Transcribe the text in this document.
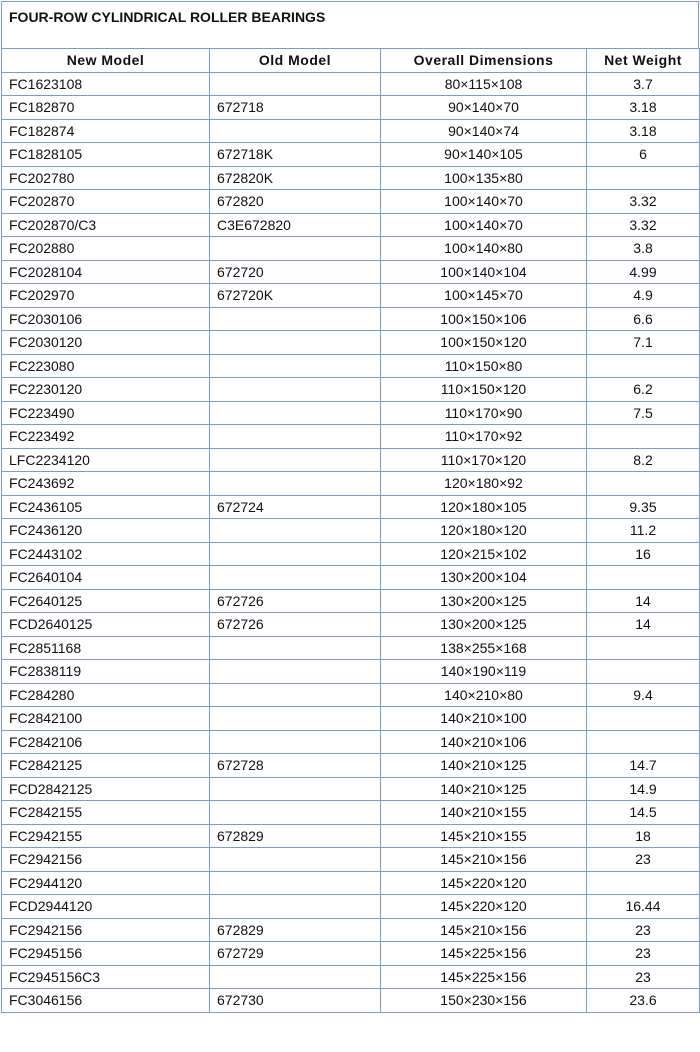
FOUR-ROW CYLINDRICAL ROLLER BEARINGS
New Model	Old Model	Overall Dimensions	Net Weight
FC1623108		80×115×108	3.7
FC182870	672718	90×140×70	3.18
FC182874		90×140×74	3.18
FC1828105	672718K	90×140×105	6
FC202780	672820K	100×135×80	
FC202870	672820	100×140×70	3.32
FC202870/C3	C3E672820	100×140×70	3.32
FC202880		100×140×80	3.8
FC2028104	672720	100×140×104	4.99
FC202970	672720K	100×145×70	4.9
FC2030106		100×150×106	6.6
FC2030120		100×150×120	7.1
FC223080		110×150×80	
FC2230120		110×150×120	6.2
FC223490		110×170×90	7.5
FC223492		110×170×92	
LFC2234120		110×170×120	8.2
FC243692		120×180×92	
FC2436105	672724	120×180×105	9.35
FC2436120		120×180×120	11.2
FC2443102		120×215×102	16
FC2640104		130×200×104	
FC2640125	672726	130×200×125	14
FCD2640125	672726	130×200×125	14
FC2851168		138×255×168	
FC2838119		140×190×119	
FC284280		140×210×80	9.4
FC2842100		140×210×100	
FC2842106		140×210×106	
FC2842125	672728	140×210×125	14.7
FCD2842125		140×210×125	14.9
FC2842155		140×210×155	14.5
FC2942155	672829	145×210×155	18
FC2942156		145×210×156	23
FC2944120		145×220×120	
FCD2944120		145×220×120	16.44
FC2942156	672829	145×210×156	23
FC2945156	672729	145×225×156	23
FC2945156C3		145×225×156	23
FC3046156	672730	150×230×156	23.6
